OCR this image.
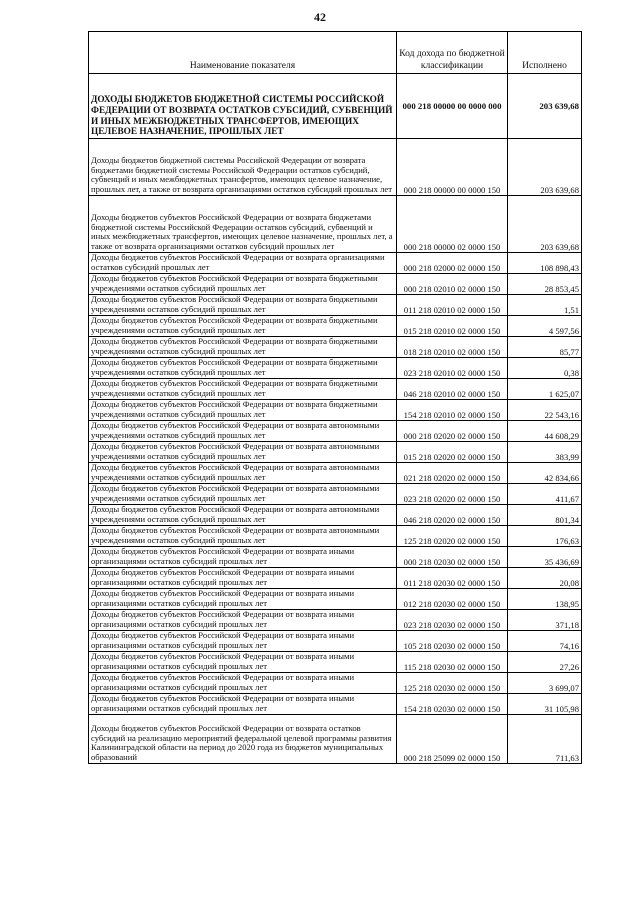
42
Наименование показателя	Код дохода по бюджетной классификации	Исполнено
ДОХОДЫ БЮДЖЕТОВ БЮДЖЕТНОЙ СИСТЕМЫ РОССИЙСКОЙ ФЕДЕРАЦИИ ОТ ВОЗВРАТА ОСТАТКОВ СУБСИДИЙ, СУБВЕНЦИЙ И ИНЫХ МЕЖБЮДЖЕТНЫХ ТРАНСФЕРТОВ, ИМЕЮЩИХ ЦЕЛЕВОЕ НАЗНАЧЕНИЕ, ПРОШЛЫХ ЛЕТ	000 218 00000 00 0000 000	203 639,68
Доходы бюджетов бюджетной системы Российской Федерации от возврата бюджетами бюджетной системы Российской Федерации остатков субсидий, субвенций и иных межбюджетных трансфертов, имеющих целевое назначение, прошлых лет, а также от возврата организациями остатков субсидий прошлых лет	000 218 00000 00 0000 150	203 639,68
Доходы бюджетов субъектов Российской Федерации от возврата бюджетами бюджетной системы Российской Федерации остатков субсидий, субвенций и иных межбюджетных трансфертов, имеющих целевое назначение, прошлых лет, а также от возврата организациями остатков субсидий прошлых лет	000 218 00000 02 0000 150	203 639,68
Доходы бюджетов субъектов Российской Федерации от возврата организациями остатков субсидий прошлых лет	000 218 02000 02 0000 150	108 898,43
Доходы бюджетов субъектов Российской Федерации от возврата бюджетными учреждениями остатков субсидий прошлых лет	000 218 02010 02 0000 150	28 853,45
Доходы бюджетов субъектов Российской Федерации от возврата бюджетными учреждениями остатков субсидий прошлых лет	011 218 02010 02 0000 150	1,51
Доходы бюджетов субъектов Российской Федерации от возврата бюджетными учреждениями остатков субсидий прошлых лет	015 218 02010 02 0000 150	4 597,56
Доходы бюджетов субъектов Российской Федерации от возврата бюджетными учреждениями остатков субсидий прошлых лет	018 218 02010 02 0000 150	85,77
Доходы бюджетов субъектов Российской Федерации от возврата бюджетными учреждениями остатков субсидий прошлых лет	023 218 02010 02 0000 150	0,38
Доходы бюджетов субъектов Российской Федерации от возврата бюджетными учреждениями остатков субсидий прошлых лет	046 218 02010 02 0000 150	1 625,07
Доходы бюджетов субъектов Российской Федерации от возврата бюджетными учреждениями остатков субсидий прошлых лет	154 218 02010 02 0000 150	22 543,16
Доходы бюджетов субъектов Российской Федерации от возврата автономными учреждениями остатков субсидий прошлых лет	000 218 02020 02 0000 150	44 608,29
Доходы бюджетов субъектов Российской Федерации от возврата автономными учреждениями остатков субсидий прошлых лет	015 218 02020 02 0000 150	383,99
Доходы бюджетов субъектов Российской Федерации от возврата автономными учреждениями остатков субсидий прошлых лет	021 218 02020 02 0000 150	42 834,66
Доходы бюджетов субъектов Российской Федерации от возврата автономными учреждениями остатков субсидий прошлых лет	023 218 02020 02 0000 150	411,67
Доходы бюджетов субъектов Российской Федерации от возврата автономными учреждениями остатков субсидий прошлых лет	046 218 02020 02 0000 150	801,34
Доходы бюджетов субъектов Российской Федерации от возврата автономными учреждениями остатков субсидий прошлых лет	125 218 02020 02 0000 150	176,63
Доходы бюджетов субъектов Российской Федерации от возврата иными организациями остатков субсидий прошлых лет	000 218 02030 02 0000 150	35 436,69
Доходы бюджетов субъектов Российской Федерации от возврата иными организациями остатков субсидий прошлых лет	011 218 02030 02 0000 150	20,08
Доходы бюджетов субъектов Российской Федерации от возврата иными организациями остатков субсидий прошлых лет	012 218 02030 02 0000 150	138,95
Доходы бюджетов субъектов Российской Федерации от возврата иными организациями остатков субсидий прошлых лет	023 218 02030 02 0000 150	371,18
Доходы бюджетов субъектов Российской Федерации от возврата иными организациями остатков субсидий прошлых лет	105 218 02030 02 0000 150	74,16
Доходы бюджетов субъектов Российской Федерации от возврата иными организациями остатков субсидий прошлых лет	115 218 02030 02 0000 150	27,26
Доходы бюджетов субъектов Российской Федерации от возврата иными организациями остатков субсидий прошлых лет	125 218 02030 02 0000 150	3 699,07
Доходы бюджетов субъектов Российской Федерации от возврата иными организациями остатков субсидий прошлых лет	154 218 02030 02 0000 150	31 105,98
Доходы бюджетов субъектов Российской Федерации от возврата остатков субсидий на реализацию мероприятий федеральной целевой программы развития Калининградской области на период до 2020 года из бюджетов муниципальных образований	000 218 25099 02 0000 150	711,63
